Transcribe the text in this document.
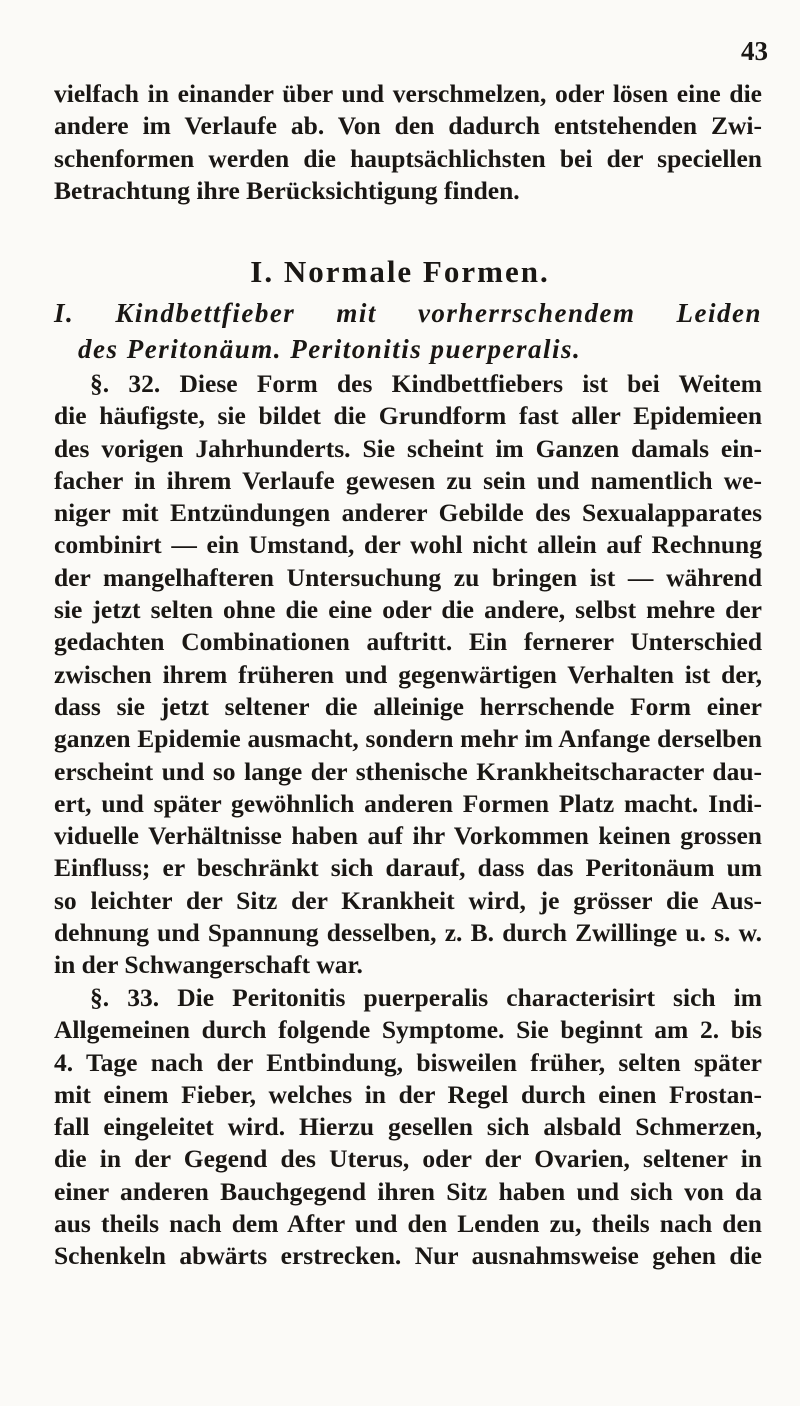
43
vielfach in einander über und verschmelzen, oder lösen eine die
andere im Verlaufe ab. Von den dadurch entstehenden Zwi-
schenformen werden die hauptsächlichsten bei der speciellen
Betrachtung ihre Berücksichtigung finden.
I. Normale Formen.
I. Kindbettfieber mit vorherrschendem Leiden
des Peritonäum. Peritonitis puerperalis.
§. 32. Diese Form des Kindbettfiebers ist bei Weitem
die häufigste, sie bildet die Grundform fast aller Epidemieen
des vorigen Jahrhunderts. Sie scheint im Ganzen damals ein-
facher in ihrem Verlaufe gewesen zu sein und namentlich we-
niger mit Entzündungen anderer Gebilde des Sexualapparates
combinirt — ein Umstand, der wohl nicht allein auf Rechnung
der mangelhafteren Untersuchung zu bringen ist — während
sie jetzt selten ohne die eine oder die andere, selbst mehre der
gedachten Combinationen auftritt. Ein fernerer Unterschied
zwischen ihrem früheren und gegenwärtigen Verhalten ist der,
dass sie jetzt seltener die alleinige herrschende Form einer
ganzen Epidemie ausmacht, sondern mehr im Anfange derselben
erscheint und so lange der sthenische Krankheitscharacter dau-
ert, und später gewöhnlich anderen Formen Platz macht. Indi-
viduelle Verhältnisse haben auf ihr Vorkommen keinen grossen
Einfluss; er beschränkt sich darauf, dass das Peritonäum um
so leichter der Sitz der Krankheit wird, je grösser die Aus-
dehnung und Spannung desselben, z. B. durch Zwillinge u. s. w.
in der Schwangerschaft war.
§. 33. Die Peritonitis puerperalis characterisirt sich im
Allgemeinen durch folgende Symptome. Sie beginnt am 2. bis
4. Tage nach der Entbindung, bisweilen früher, selten später
mit einem Fieber, welches in der Regel durch einen Frostan-
fall eingeleitet wird. Hierzu gesellen sich alsbald Schmerzen,
die in der Gegend des Uterus, oder der Ovarien, seltener in
einer anderen Bauchgegend ihren Sitz haben und sich von da
aus theils nach dem After und den Lenden zu, theils nach den
Schenkeln abwärts erstrecken. Nur ausnahmsweise gehen die
